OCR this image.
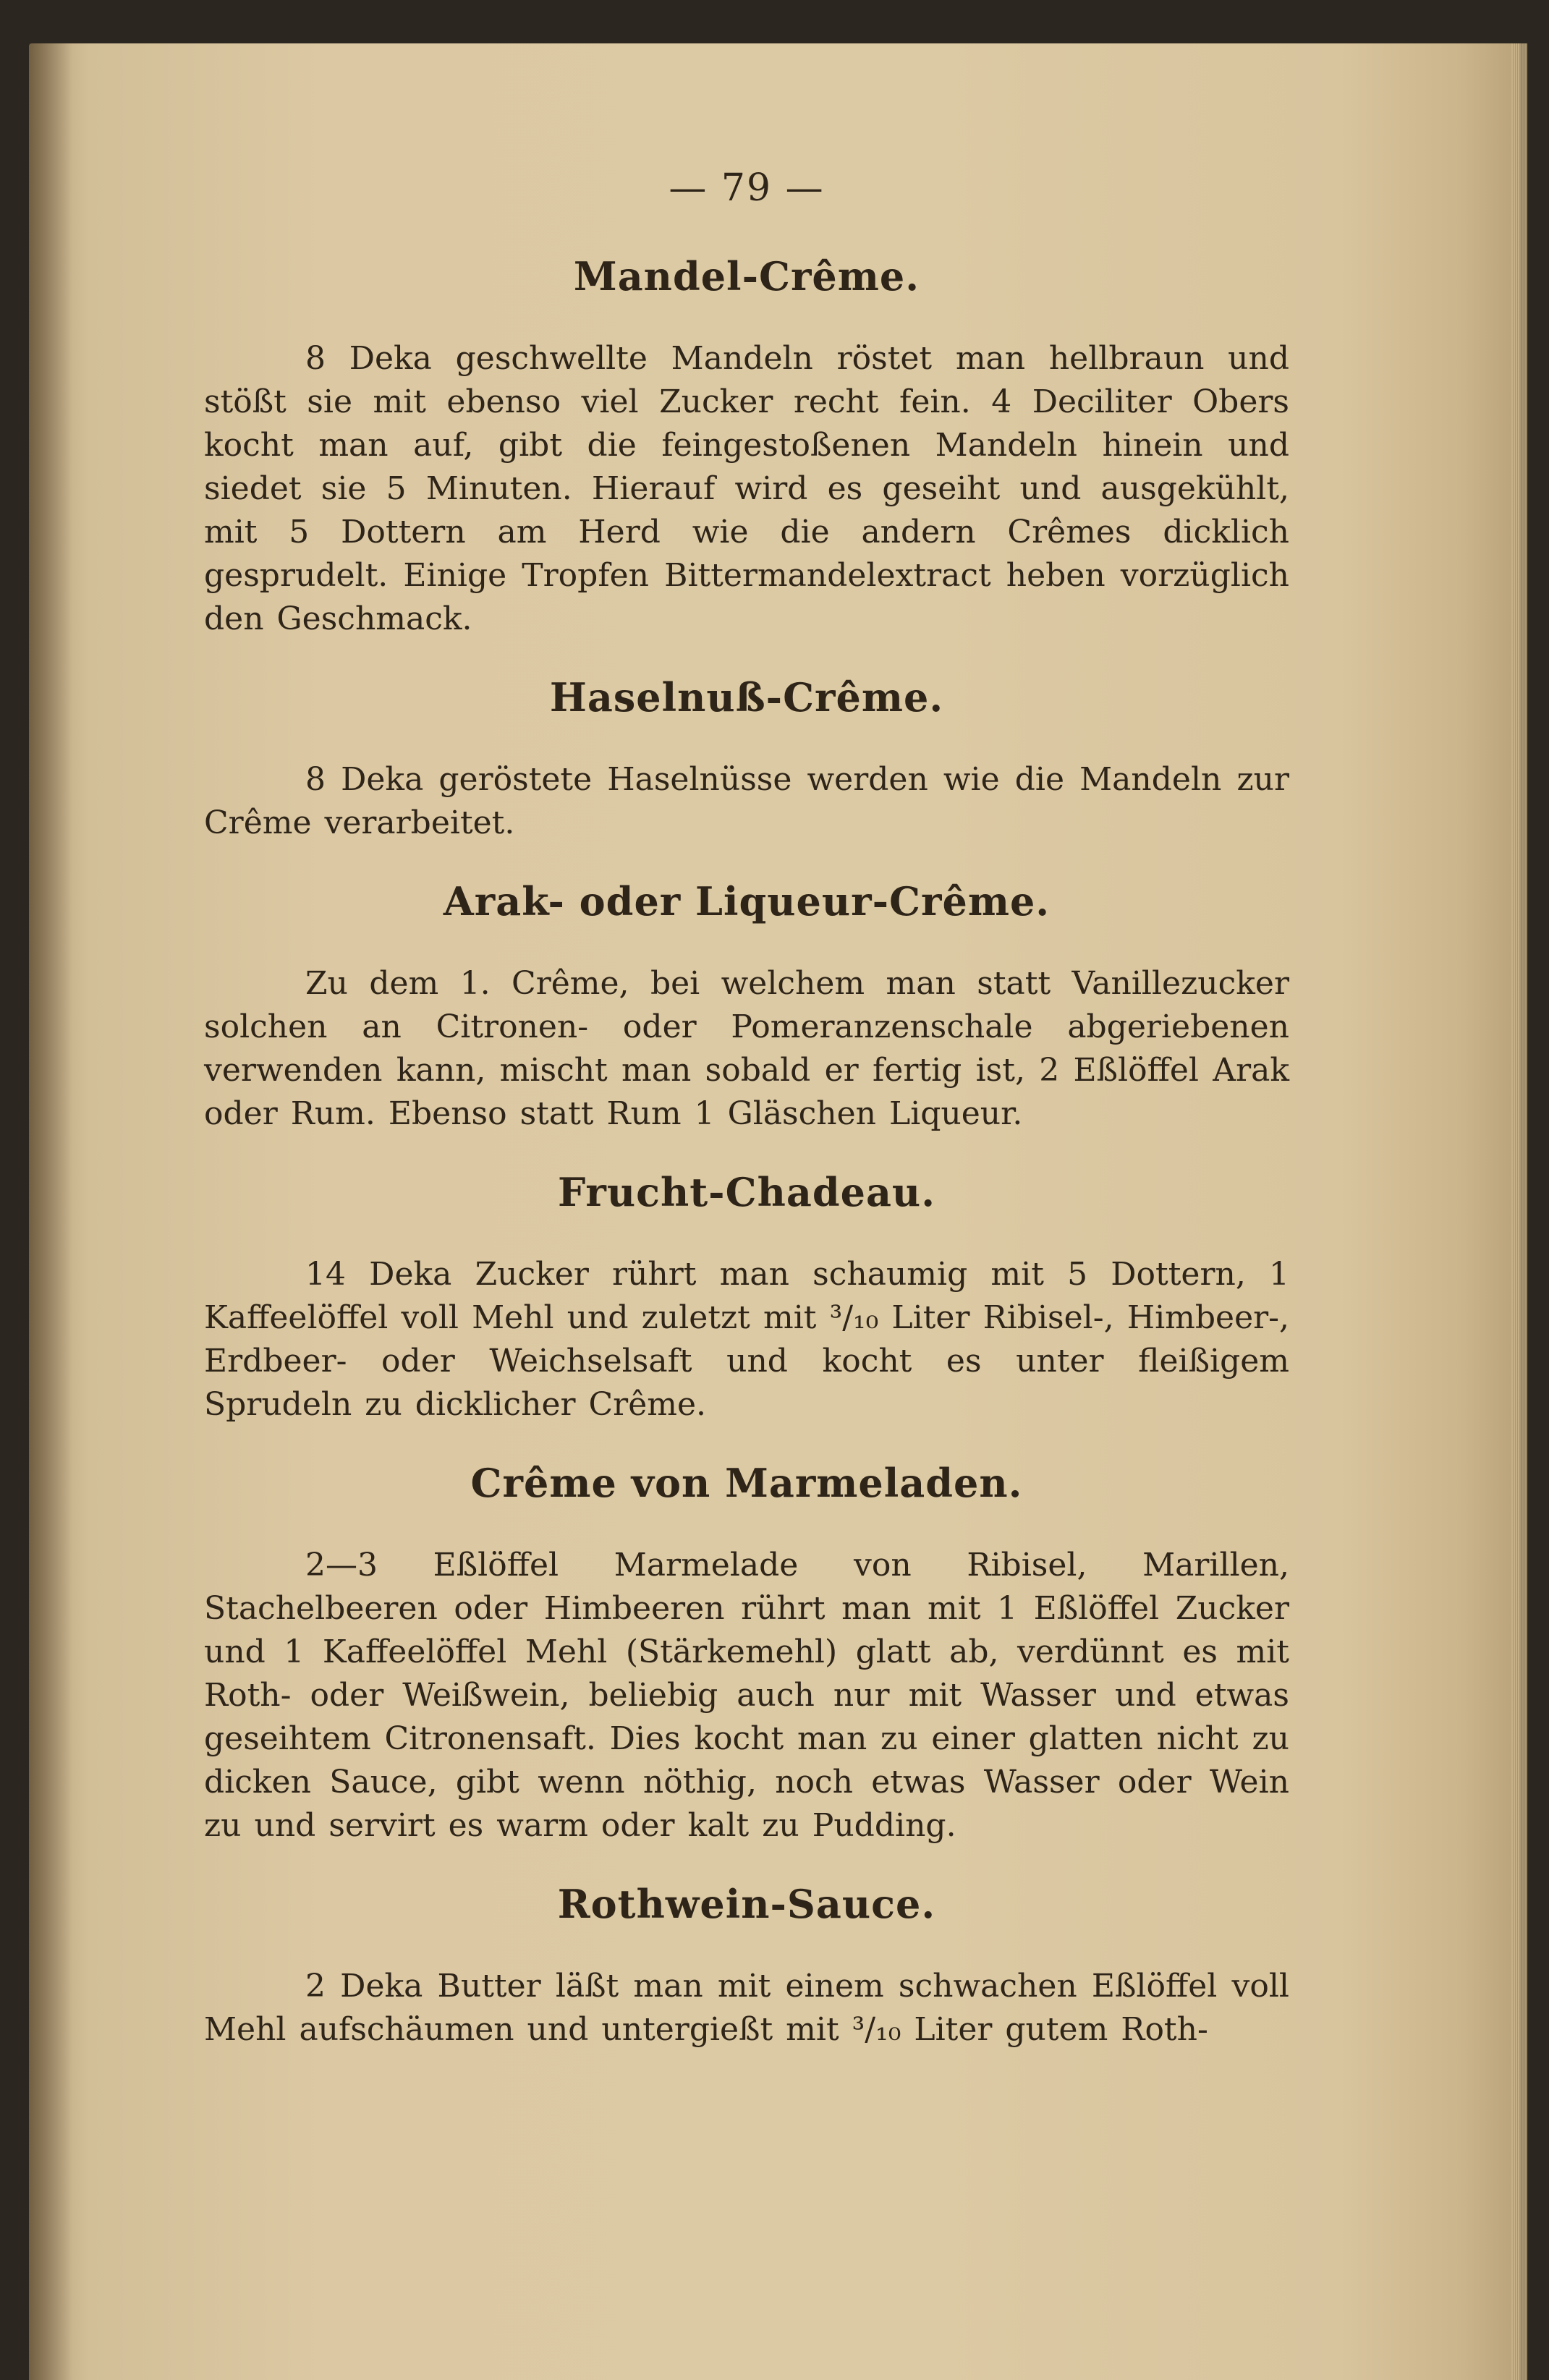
— 79 —
Mandel-Crême.

8 Deka geschwellte Mandeln röstet man hellbraun und stößt sie mit ebenso viel Zucker recht fein. 4 Deciliter Obers kocht man auf, gibt die feingestoßenen Mandeln hinein und siedet sie 5 Minuten. Hierauf wird es geseiht und ausgekühlt, mit 5 Dottern am Herd wie die andern Crêmes dicklich gesprudelt. Einige Tropfen Bittermandelextract heben vorzüglich den Geschmack.

Haselnuß-Crême.

8 Deka geröstete Haselnüsse werden wie die Mandeln zur Crême verarbeitet.

Arak- oder Liqueur-Crême.

Zu dem 1. Crême, bei welchem man statt Vanillezucker solchen an Citronen- oder Pomeranzenschale abgeriebenen verwenden kann, mischt man sobald er fertig ist, 2 Eßlöffel Arak oder Rum. Ebenso statt Rum 1 Gläschen Liqueur.

Frucht-Chadeau.

14 Deka Zucker rührt man schaumig mit 5 Dottern, 1 Kaffeelöffel voll Mehl und zuletzt mit ³/₁₀ Liter Ribisel-, Himbeer-, Erdbeer- oder Weichselsaft und kocht es unter fleißigem Sprudeln zu dicklicher Crême.

Crême von Marmeladen.

2—3 Eßlöffel Marmelade von Ribisel, Marillen, Stachelbeeren oder Himbeeren rührt man mit 1 Eßlöffel Zucker und 1 Kaffeelöffel Mehl (Stärkemehl) glatt ab, verdünnt es mit Roth- oder Weißwein, beliebig auch nur mit Wasser und etwas geseihtem Citronensaft. Dies kocht man zu einer glatten nicht zu dicken Sauce, gibt wenn nöthig, noch etwas Wasser oder Wein zu und servirt es warm oder kalt zu Pudding.

Rothwein-Sauce.

2 Deka Butter läßt man mit einem schwachen Eßlöffel voll Mehl aufschäumen und untergießt mit ³/₁₀ Liter gutem Roth-
